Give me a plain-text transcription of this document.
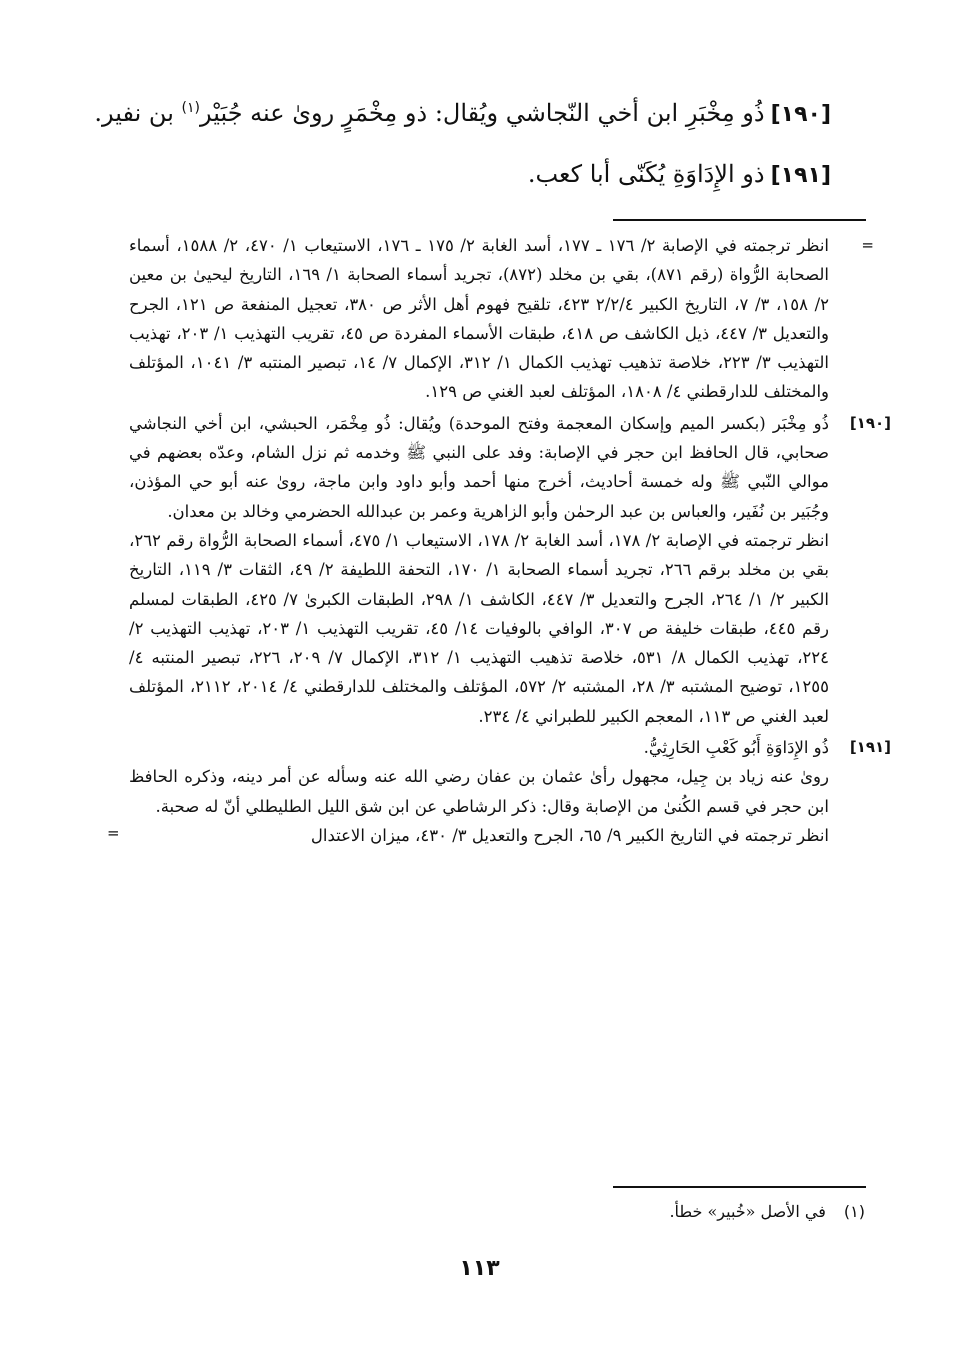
[١٩٠]ذُو مِخْبَرِ ابن أخي النّجاشي ويُقال: ذو مِخْمَرٍ روىٰ عنه جُبَيْر$^{(١)}$ بن نفير.
[١٩١]ذو الإِدَاوَةِ يُكَنّى أبا كعب.
=

انظر ترجمته في الإصابة ٢/ ١٧٦ ـ ١٧٧، أسد الغابة ٢/ ١٧٥ ـ ١٧٦، الاستيعاب ١/ ٤٧٠، ٢/ ١٥٨٨، أسماء الصحابة الرُّواة (رقم ٨٧١)، بقي بن مخلد (٨٧٢)، تجريد أسماء الصحابة ١/ ١٦٩، التاريخ ليحيىٰ بن معين ٢/ ١٥٨، ٣/ ٧، التاريخ الكبير ٢/٢/٤ ٤٢٣، تلقيح فهوم أهل الأثر ص ٣٨٠، تعجيل المنفعة ص ١٢١، الجرح والتعديل ٣/ ٤٤٧، ذيل الكاشف ص ٤١٨، طبقات الأسماء المفردة ص ٤٥، تقريب التهذيب ١/ ٢٠٣، تهذيب التهذيب ٣/ ٢٢٣، خلاصة تذهيب تهذيب الكمال ١/ ٣١٢، الإكمال ٧/ ١٤، تبصير المنتبه ٣/ ١٠٤١، المؤتلف والمختلف للدارقطني ٤/ ١٨٠٨، المؤتلف لعبد الغني ص ١٢٩.

[١٩٠]

ذُو مِخْبَر (بكسر الميم وإسكان المعجمة وفتح الموحدة) ويُقال: ذُو مِخْمَر، الحبشي، ابن أخي النجاشي صحابي، قال الحافظ ابن حجر في الإصابة: وفد على النبي ﷺ وخدمه ثم نزل الشام، وعدّه بعضهم في موالي النّبي ﷺ وله خمسة أحاديث، أخرج منها أحمد وأبو داود وابن ماجة، روىٰ عنه أبو حي المؤذن، وجُبَير بن نُفَير، والعباس بن عبد الرحمٰن وأبو الزاهرية وعمر بن عبدالله الحضرمي وخالد بن معدان.

انظر ترجمته في الإصابة ٢/ ١٧٨، أسد الغابة ٢/ ١٧٨، الاستيعاب ١/ ٤٧٥، أسماء الصحابة الرُّواة رقم ٢٦٢، بقي بن مخلد برقم ٢٦٦، تجريد أسماء الصحابة ١/ ١٧٠، التحفة اللطيفة ٢/ ٤٩، الثقات ٣/ ١١٩، التاريخ الكبير ٢/ ١/ ٢٦٤، الجرح والتعديل ٣/ ٤٤٧، الكاشف ١/ ٢٩٨، الطبقات الكبرىٰ ٧/ ٤٢٥، الطبقات لمسلم رقم ٤٤٥، طبقات خليفة ص ٣٠٧، الوافي بالوفيات ١٤/ ٤٥، تقريب التهذيب ١/ ٢٠٣، تهذيب التهذيب ٢/ ٢٢٤، تهذيب الكمال ٨/ ٥٣١، خلاصة تذهيب التهذيب ١/ ٣١٢، الإكمال ٧/ ٢٠٩، ٢٢٦، تبصير المنتبه ٤/ ١٢٥٥، توضيح المشتبه ٣/ ٢٨، المشتبه ٢/ ٥٧٢، المؤتلف والمختلف للدارقطني ٤/ ٢٠١٤، ٢١١٢، المؤتلف لعبد الغني ص ١١٣، المعجم الكبير للطبراني ٤/ ٢٣٤.

[١٩١]

ذُو الإِدَاوَةِ أَبُو كَعْبِ الحَارِثِيُّ.

روىٰ عنه زياد بن جِيل، مجهول رأىٰ عثمان بن عفان رضي الله عنه وسأله عن أمر دينه، وذكره الحافظ ابن حجر في قسم الكُنىٰ من الإصابة وقال: ذكر الرشاطي عن ابن شق الليل الطليطلي أنّ له صحبة.

انظر ترجمته في التاريخ الكبير ٩/ ٦٥، الجرح والتعديل ٣/ ٤٣٠، ميزان الاعتدال
=

(١)في الأصل «خُبير» خطأ.
١١٣
